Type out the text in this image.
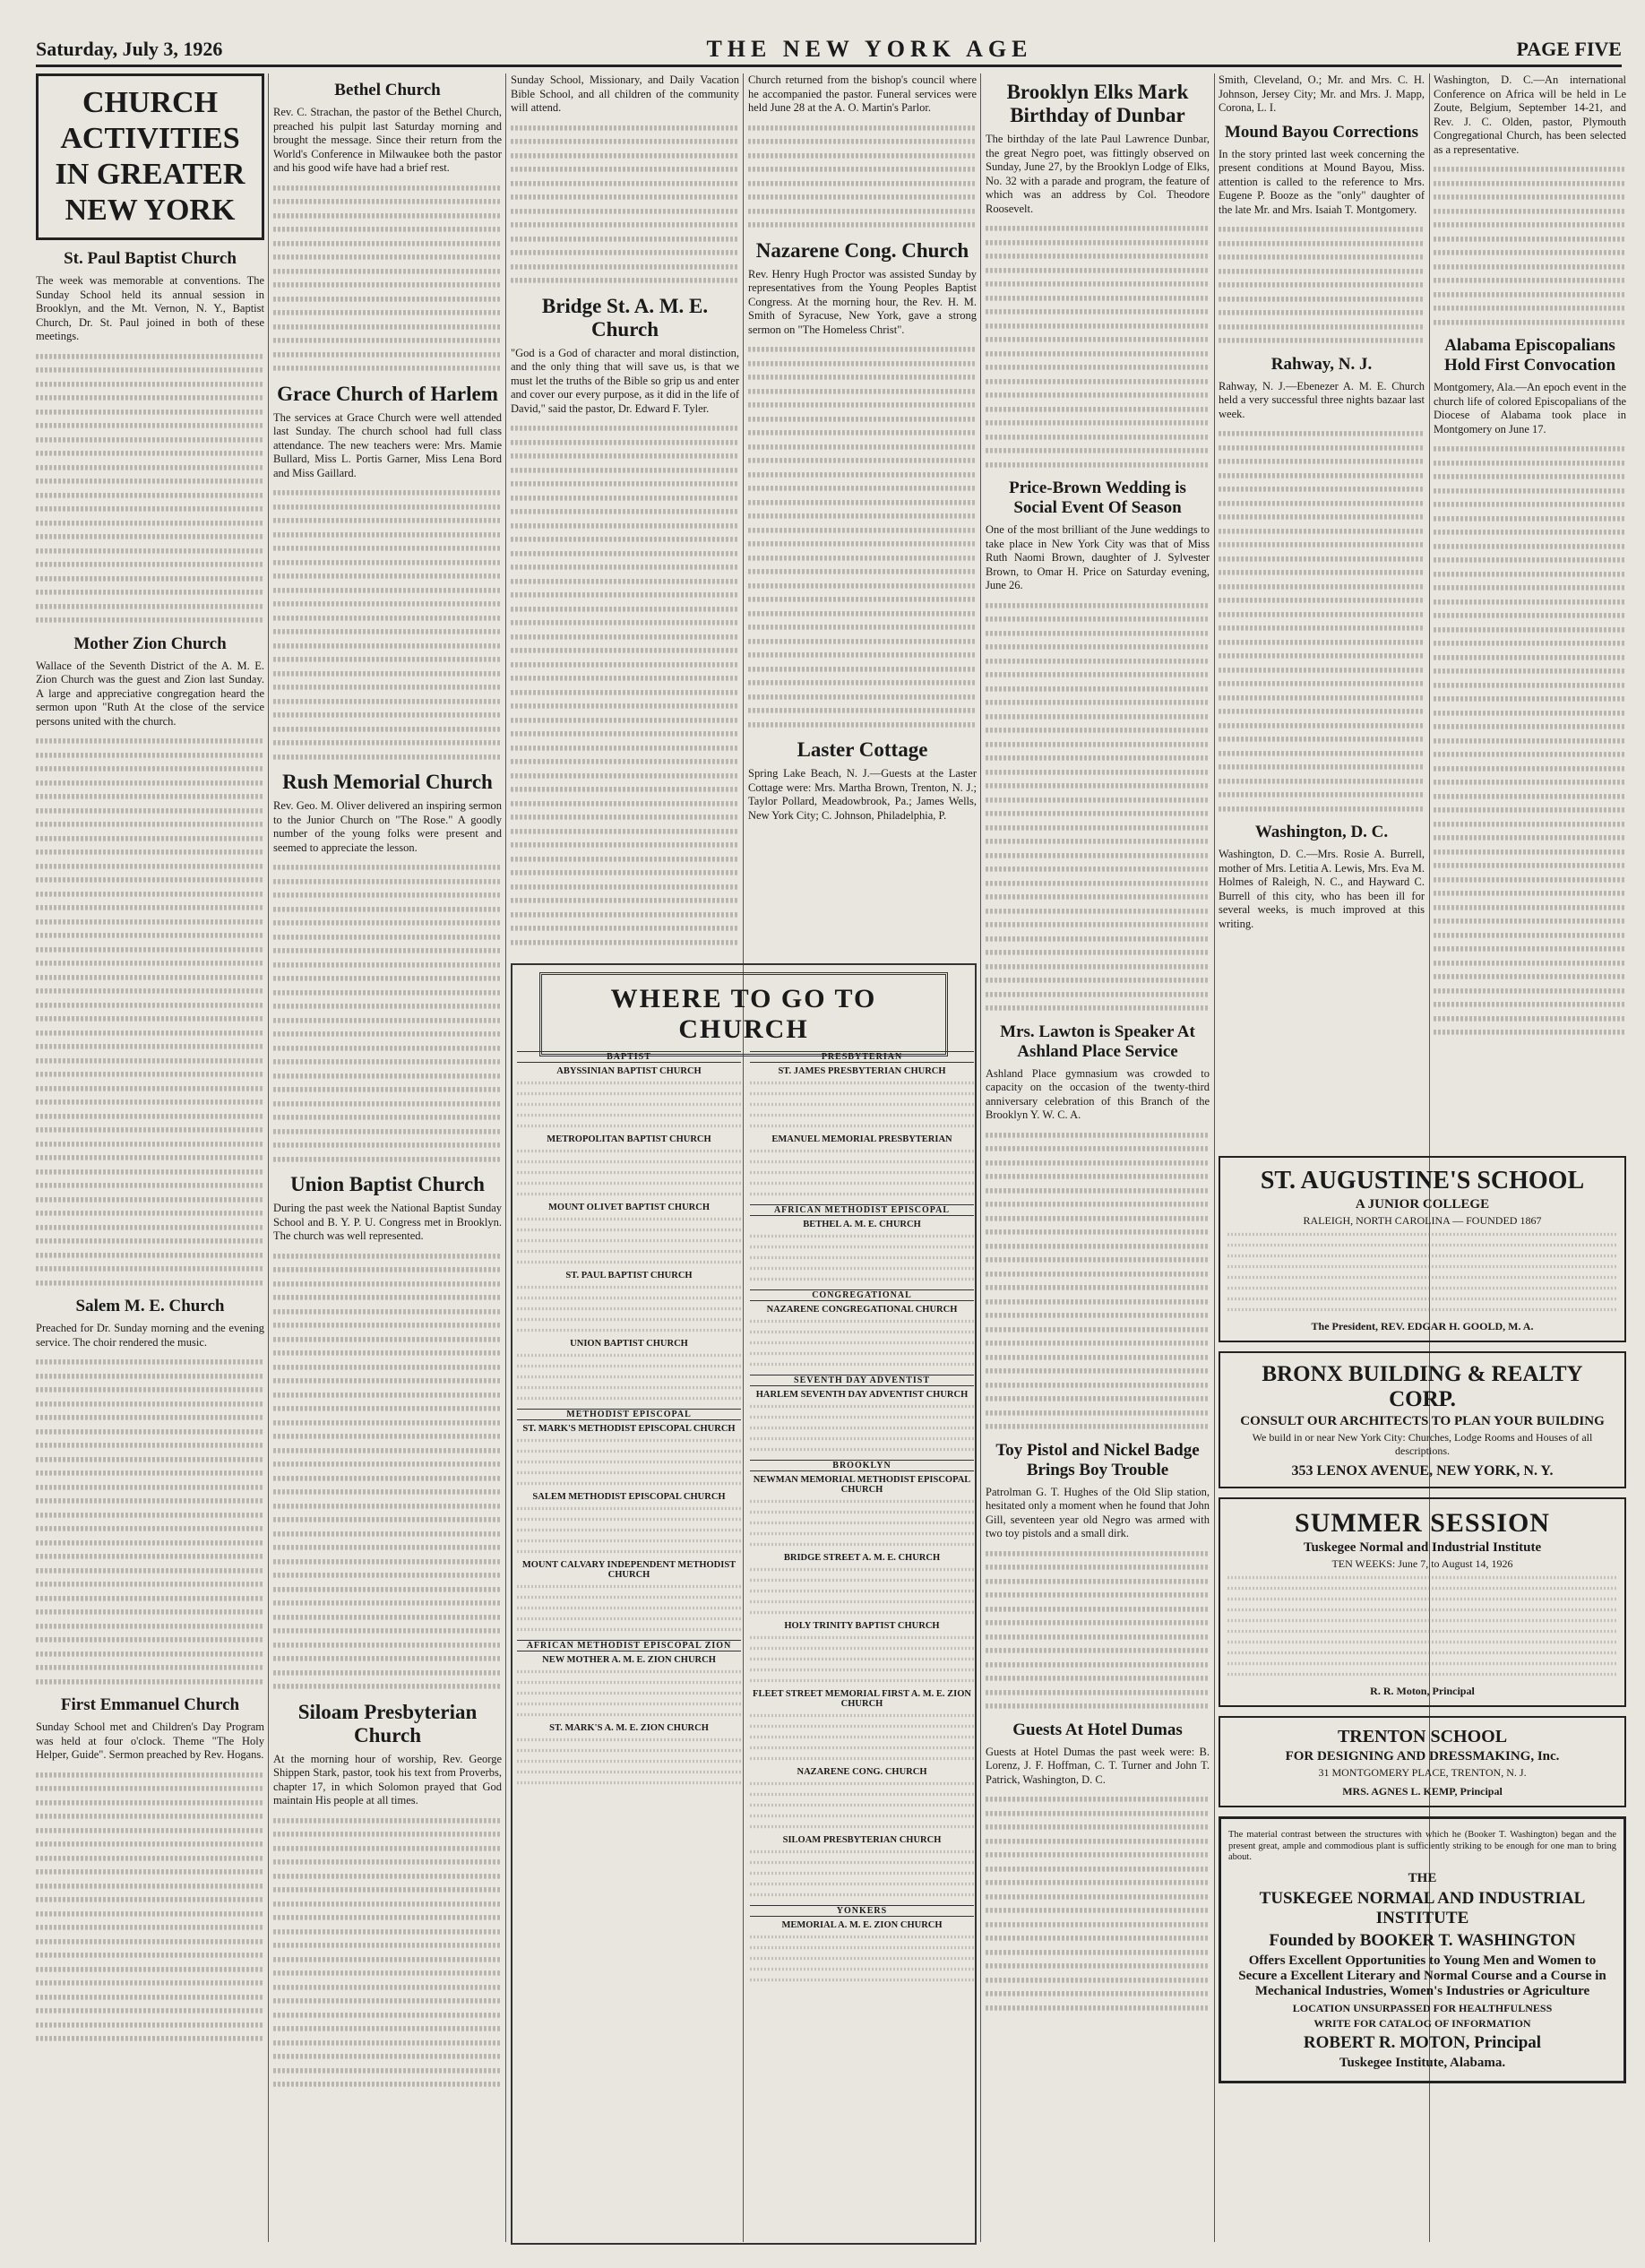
Saturday, July 3, 1926	THE NEW YORK AGE	PAGE FIVE
CHURCH ACTIVITIES
IN GREATER NEW YORK
St. Paul Baptist Church

The week was memorable at conventions. The Sunday School held its annual session in Brooklyn, and the Mt. Vernon, N. Y., Baptist Church, Dr. St. Paul joined in both of these meetings.

Mother Zion Church

Wallace of the Seventh District of the A. M. E. Zion Church was the guest and Zion last Sunday. A large and appreciative congregation heard the sermon upon "Ruth At the close of the service persons united with the church.

Salem M. E. Church

Preached for Dr. Sunday morning and the evening service. The choir rendered the music.

First Emmanuel Church

Sunday School met and Children's Day Program was held at four o'clock. Theme "The Holy Helper, Guide". Sermon preached by Rev. Hogans.

Bethel Church

Rev. C. Strachan, the pastor of the Bethel Church, preached his pulpit last Saturday morning and brought the message. Since their return from the World's Conference in Milwaukee both the pastor and his good wife have had a brief rest.

Grace Church of Harlem

The services at Grace Church were well attended last Sunday. The church school had full class attendance. The new teachers were: Mrs. Mamie Bullard, Miss L. Portis Garner, Miss Lena Bord and Miss Gaillard.

Rush Memorial Church

Rev. Geo. M. Oliver delivered an inspiring sermon to the Junior Church on "The Rose." A goodly number of the young folks were present and seemed to appreciate the lesson.

Union Baptist Church

During the past week the National Baptist Sunday School and B. Y. P. U. Congress met in Brooklyn. The church was well represented.

Siloam Presbyterian Church

At the morning hour of worship, Rev. George Shippen Stark, pastor, took his text from Proverbs, chapter 17, in which Solomon prayed that God maintain His people at all times.

Sunday School, Missionary, and Daily Vacation Bible School, and all children of the community will attend.

Bridge St. A. M. E. Church

"God is a God of character and moral distinction, and the only thing that will save us, is that we must let the truths of the Bible so grip us and enter and cover our every purpose, as it did in the life of David," said the pastor, Dr. Edward F. Tyler.

Church returned from the bishop's council where he accompanied the pastor. Funeral services were held June 28 at the A. O. Martin's Parlor.

Nazarene Cong. Church

Rev. Henry Hugh Proctor was assisted Sunday by representatives from the Young Peoples Baptist Congress. At the morning hour, the Rev. H. M. Smith of Syracuse, New York, gave a strong sermon on "The Homeless Christ".

Laster Cottage

Spring Lake Beach, N. J.—Guests at the Laster Cottage were: Mrs. Martha Brown, Trenton, N. J.; Taylor Pollard, Meadowbrook, Pa.; James Wells, New York City; C. Johnson, Philadelphia, P.

WHERE TO GO TO CHURCH
BAPTIST
ABYSSINIAN BAPTIST CHURCH
METROPOLITAN BAPTIST CHURCH
MOUNT OLIVET BAPTIST CHURCH
ST. PAUL BAPTIST CHURCH
UNION BAPTIST CHURCH
METHODIST EPISCOPAL
ST. MARK'S METHODIST EPISCOPAL CHURCH
SALEM METHODIST EPISCOPAL CHURCH
MOUNT CALVARY INDEPENDENT METHODIST CHURCH
AFRICAN METHODIST EPISCOPAL ZION
NEW MOTHER A. M. E. ZION CHURCH
ST. MARK'S A. M. E. ZION CHURCH
PRESBYTERIAN
ST. JAMES PRESBYTERIAN CHURCH
EMANUEL MEMORIAL PRESBYTERIAN
AFRICAN METHODIST EPISCOPAL
BETHEL A. M. E. CHURCH
CONGREGATIONAL
NAZARENE CONGREGATIONAL CHURCH
SEVENTH DAY ADVENTIST
HARLEM SEVENTH DAY ADVENTIST CHURCH
BROOKLYN
NEWMAN MEMORIAL METHODIST EPISCOPAL CHURCH
BRIDGE STREET A. M. E. CHURCH
HOLY TRINITY BAPTIST CHURCH
FLEET STREET MEMORIAL FIRST A. M. E. ZION CHURCH
NAZARENE CONG. CHURCH
SILOAM PRESBYTERIAN CHURCH
YONKERS
MEMORIAL A. M. E. ZION CHURCH
Brooklyn Elks Mark Birthday of Dunbar

The birthday of the late Paul Lawrence Dunbar, the great Negro poet, was fittingly observed on Sunday, June 27, by the Brooklyn Lodge of Elks, No. 32 with a parade and program, the feature of which was an address by Col. Theodore Roosevelt.

Price-Brown Wedding is Social Event Of Season

One of the most brilliant of the June weddings to take place in New York City was that of Miss Ruth Naomi Brown, daughter of J. Sylvester Brown, to Omar H. Price on Saturday evening, June 26.

Mrs. Lawton is Speaker At Ashland Place Service

Ashland Place gymnasium was crowded to capacity on the occasion of the twenty-third anniversary celebration of this Branch of the Brooklyn Y. W. C. A.

Toy Pistol and Nickel Badge Brings Boy Trouble

Patrolman G. T. Hughes of the Old Slip station, hesitated only a moment when he found that John Gill, seventeen year old Negro was armed with two toy pistols and a small dirk.

Guests At Hotel Dumas

Guests at Hotel Dumas the past week were: B. Lorenz, J. F. Hoffman, C. T. Turner and John T. Patrick, Washington, D. C.

Smith, Cleveland, O.; Mr. and Mrs. C. H. Johnson, Jersey City; Mr. and Mrs. J. Mapp, Corona, L. I.

Mound Bayou Corrections

In the story printed last week concerning the present conditions at Mound Bayou, Miss. attention is called to the reference to Mrs. Eugene P. Booze as the "only" daughter of the late Mr. and Mrs. Isaiah T. Montgomery.

Rahway, N. J.

Rahway, N. J.—Ebenezer A. M. E. Church held a very successful three nights bazaar last week.

Washington, D. C.

Washington, D. C.—Mrs. Rosie A. Burrell, mother of Mrs. Letitia A. Lewis, Mrs. Eva M. Holmes of Raleigh, N. C., and Hayward C. Burrell of this city, who has been ill for several weeks, is much improved at this writing.

Washington, D. C.—An international Conference on Africa will be held in Le Zoute, Belgium, September 14-21, and Rev. J. C. Olden, pastor, Plymouth Congregational Church, has been selected as a representative.

Alabama Episcopalians Hold First Convocation

Montgomery, Ala.—An epoch event in the church life of colored Episcopalians of the Diocese of Alabama took place in Montgomery on June 17.

ST. AUGUSTINE'S SCHOOL
A JUNIOR COLLEGE
RALEIGH, NORTH CAROLINA — FOUNDED 1867
The President, REV. EDGAR H. GOOLD, M. A.
BRONX BUILDING & REALTY CORP.
CONSULT OUR ARCHITECTS TO PLAN YOUR BUILDING
We build in or near New York City: Churches, Lodge Rooms and Houses of all descriptions.
353 LENOX AVENUE, NEW YORK, N. Y.
SUMMER SESSION
Tuskegee Normal and Industrial Institute
TEN WEEKS: June 7, to August 14, 1926
R. R. Moton, Principal
TRENTON SCHOOL
FOR DESIGNING AND DRESSMAKING, Inc.
31 MONTGOMERY PLACE, TRENTON, N. J.
MRS. AGNES L. KEMP, Principal
The material contrast between the structures with which he (Booker T. Washington) began and the present great, ample and commodious plant is sufficiently striking to be enough for one man to bring about.
THE
TUSKEGEE NORMAL AND INDUSTRIAL INSTITUTE
Founded by BOOKER T. WASHINGTON
Offers Excellent Opportunities to Young Men and Women to Secure a Excellent Literary and Normal Course and a Course in Mechanical Industries, Women's Industries or Agriculture
LOCATION UNSURPASSED FOR HEALTHFULNESS
WRITE FOR CATALOG OF INFORMATION
ROBERT R. MOTON, Principal
Tuskegee Institute, Alabama.
